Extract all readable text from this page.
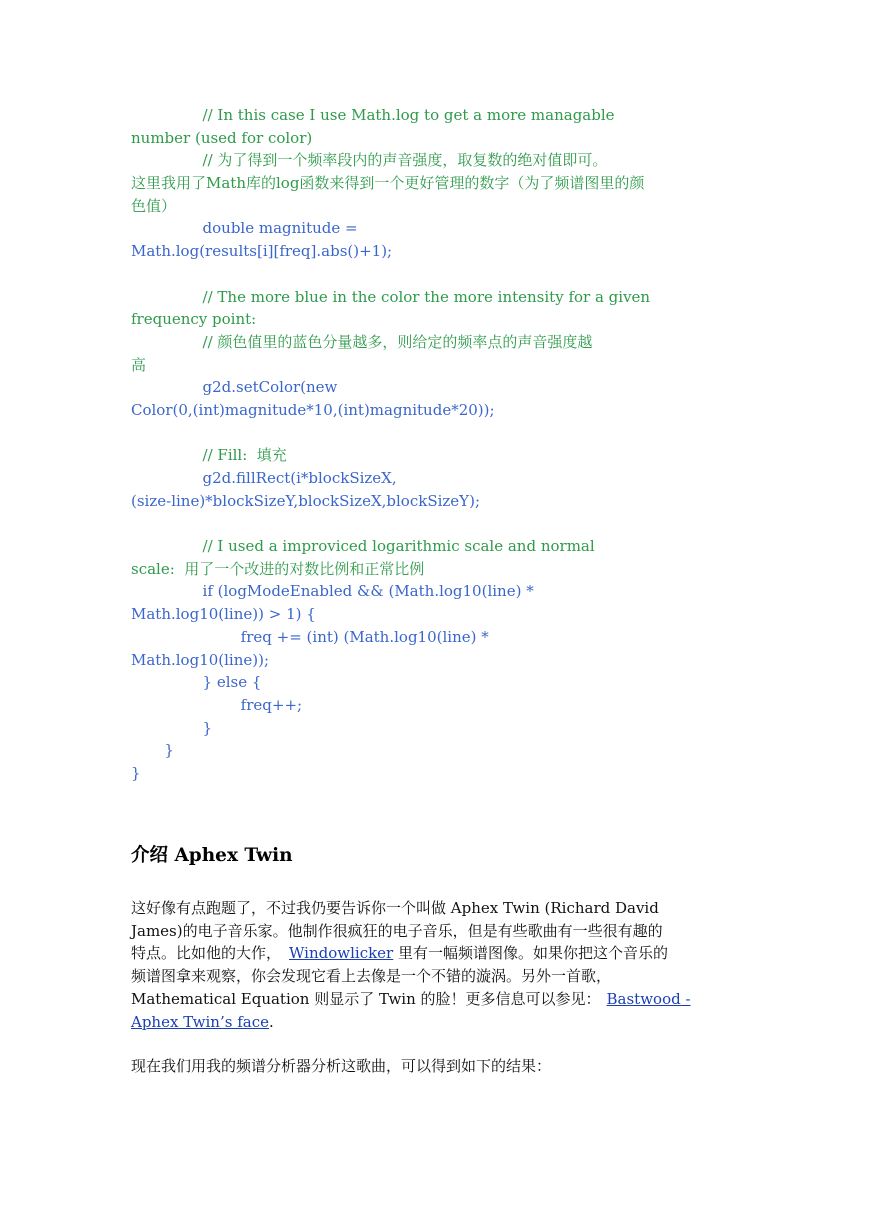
// In this case I use Math.log to get a more managable
number (used for color)
// 为了得到一个频率段内的声音强度，取复数的绝对值即可。
这里我用了Math库的log函数来得到一个更好管理的数字（为了频谱图里的颜
色值）
double magnitude =
Math.log(results[i][freq].abs()+1);
// The more blue in the color the more intensity for a given
frequency point:
// 颜色值里的蓝色分量越多，则给定的频率点的声音强度越
高
g2d.setColor(new
Color(0,(int)magnitude*10,(int)magnitude*20));
// Fill:  填充
g2d.fillRect(i*blockSizeX,
(size-line)*blockSizeY,blockSizeX,blockSizeY);
// I used a improviced logarithmic scale and normal
scale:  用了一个改进的对数比例和正常比例
if (logModeEnabled && (Math.log10(line) *
Math.log10(line)) > 1) {
freq += (int) (Math.log10(line) *
Math.log10(line));
} else {
freq++;
}
}
}
介绍 Aphex Twin
这好像有点跑题了，不过我仍要告诉你一个叫做 Aphex Twin (Richard David
James)的电子音乐家。他制作很疯狂的电子音乐，但是有些歌曲有一些很有趣的
特点。比如他的大作， Windowlicker 里有一幅频谱图像。如果你把这个音乐的
频谱图拿来观察，你会发现它看上去像是一个不错的漩涡。另外一首歌，
Mathematical Equation 则显示了 Twin 的脸！更多信息可以参见： Bastwood -
Aphex Twin’s face.
现在我们用我的频谱分析器分析这歌曲，可以得到如下的结果：
